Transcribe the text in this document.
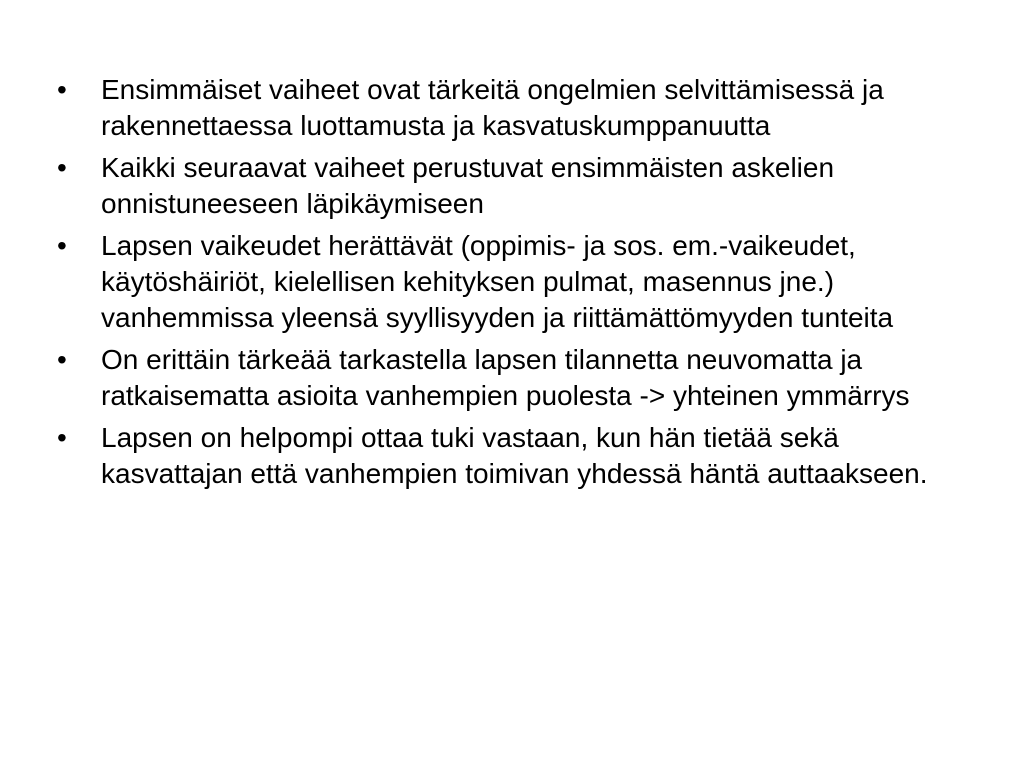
•	Ensimmäiset vaiheet ovat tärkeitä ongelmien selvittämisessä ja rakennettaessa luottamusta ja kasvatuskumppanuutta
•	Kaikki seuraavat vaiheet perustuvat ensimmäisten askelien onnistuneeseen läpikäymiseen
•	Lapsen vaikeudet herättävät (oppimis- ja sos. em.-vaikeudet, käytöshäiriöt, kielellisen kehityksen pulmat, masennus jne.) vanhemmissa yleensä syyllisyyden ja riittämättömyyden tunteita
•	On erittäin tärkeää tarkastella lapsen tilannetta neuvomatta ja ratkaisematta asioita vanhempien puolesta -> yhteinen ymmärrys
•	Lapsen on helpompi ottaa tuki vastaan, kun hän tietää sekä kasvattajan että vanhempien toimivan yhdessä häntä auttaakseen.
